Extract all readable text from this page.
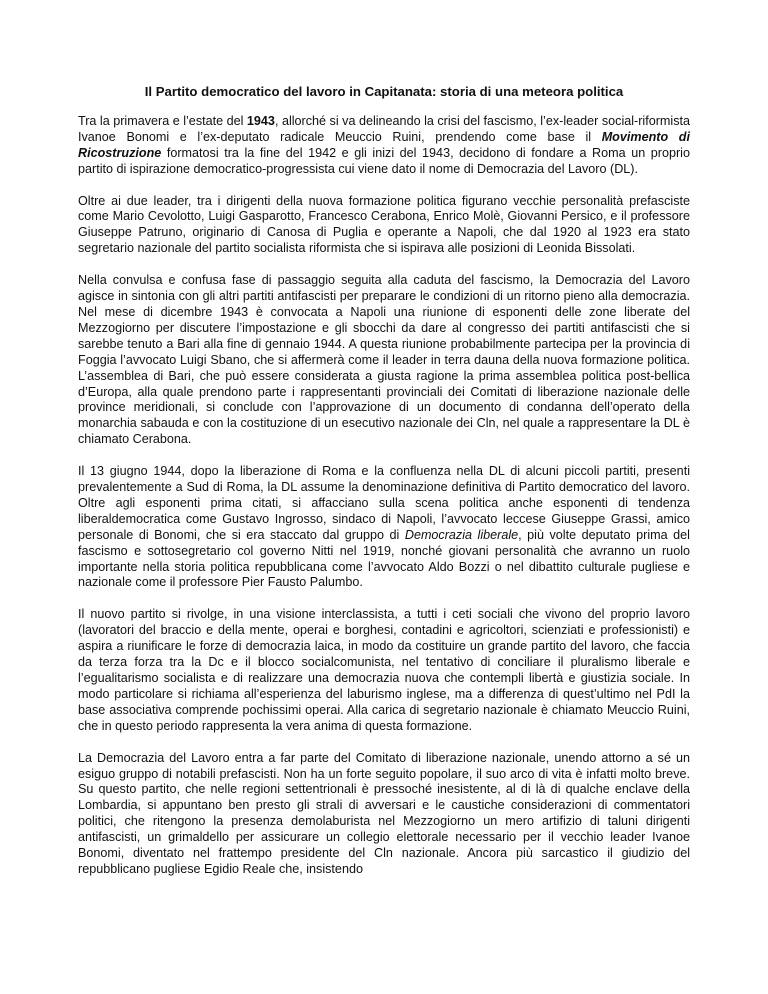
Il Partito democratico del lavoro in Capitanata: storia di una meteora politica

Tra la primavera e l’estate del 1943, allorché si va delineando la crisi del fascismo, l’ex-leader social-riformista Ivanoe Bonomi e l’ex-deputato radicale Meuccio Ruini, prendendo come base il Movimento di Ricostruzione formatosi tra la fine del 1942 e gli inizi del 1943, decidono di fondare a Roma un proprio partito di ispirazione democratico-progressista cui viene dato il nome di Democrazia del Lavoro (DL).

Oltre ai due leader, tra i dirigenti della nuova formazione politica figurano vecchie personalità prefasciste come Mario Cevolotto, Luigi Gasparotto, Francesco Cerabona, Enrico Molè, Giovanni Persico, e il professore Giuseppe Patruno, originario di Canosa di Puglia e operante a Napoli, che dal 1920 al 1923 era stato segretario nazionale del partito socialista riformista che si ispirava alle posizioni di Leonida Bissolati.

Nella convulsa e confusa fase di passaggio seguita alla caduta del fascismo, la Democrazia del Lavoro agisce in sintonia con gli altri partiti antifascisti per preparare le condizioni di un ritorno pieno alla democrazia. Nel mese di dicembre 1943 è convocata a Napoli una riunione di esponenti delle zone liberate del Mezzogiorno per discutere l’impostazione e gli sbocchi da dare al congresso dei partiti antifascisti che si sarebbe tenuto a Bari alla fine di gennaio 1944. A questa riunione probabilmente partecipa per la provincia di Foggia l’avvocato Luigi Sbano, che si affermerà come il leader in terra dauna della nuova formazione politica. L’assemblea di Bari, che può essere considerata a giusta ragione la prima assemblea politica post-bellica d’Europa, alla quale prendono parte i rappresentanti provinciali dei Comitati di liberazione nazionale delle province meridionali, si conclude con l’approvazione di un documento di condanna dell’operato della monarchia sabauda e con la costituzione di un esecutivo nazionale dei Cln, nel quale a rappresentare la DL è chiamato Cerabona.

Il 13 giugno 1944, dopo la liberazione di Roma e la confluenza nella DL di alcuni piccoli partiti, presenti prevalentemente a Sud di Roma, la DL assume la denominazione definitiva di Partito democratico del lavoro. Oltre agli esponenti prima citati, si affacciano sulla scena politica anche esponenti di tendenza liberaldemocratica come Gustavo Ingrosso, sindaco di Napoli, l’avvocato leccese Giuseppe Grassi, amico personale di Bonomi, che si era staccato dal gruppo di Democrazia liberale, più volte deputato prima del fascismo e sottosegretario col governo Nitti nel 1919, nonché giovani personalità che avranno un ruolo importante nella storia politica repubblicana come l’avvocato Aldo Bozzi o nel dibattito culturale pugliese e nazionale come il professore Pier Fausto Palumbo.

Il nuovo partito si rivolge, in una visione interclassista, a tutti i ceti sociali che vivono del proprio lavoro (lavoratori del braccio e della mente, operai e borghesi, contadini e agricoltori, scienziati e professionisti) e aspira a riunificare le forze di democrazia laica, in modo da costituire un grande partito del lavoro, che faccia da terza forza tra la Dc e il blocco socialcomunista, nel tentativo di conciliare il pluralismo liberale e l’egualitarismo socialista e di realizzare una democrazia nuova che contempli libertà e giustizia sociale. In modo particolare si richiama all’esperienza del laburismo inglese, ma a differenza di quest’ultimo nel PdI la base associativa comprende pochissimi operai. Alla carica di segretario nazionale è chiamato Meuccio Ruini, che in questo periodo rappresenta la vera anima di questa formazione.

La Democrazia del Lavoro entra a far parte del Comitato di liberazione nazionale, unendo attorno a sé un esiguo gruppo di notabili prefascisti. Non ha un forte seguito popolare, il suo arco di vita è infatti molto breve. Su questo partito, che nelle regioni settentrionali è pressoché inesistente, al di là di qualche enclave della Lombardia, si appuntano ben presto gli strali di avversari e le caustiche considerazioni di commentatori politici, che ritengono la presenza demolaburista nel Mezzogiorno un mero artifizio di taluni dirigenti antifascisti, un grimaldello per assicurare un collegio elettorale necessario per il vecchio leader Ivanoe Bonomi, diventato nel frattempo presidente del Cln nazionale. Ancora più sarcastico il giudizio del repubblicano pugliese Egidio Reale che, insistendo
